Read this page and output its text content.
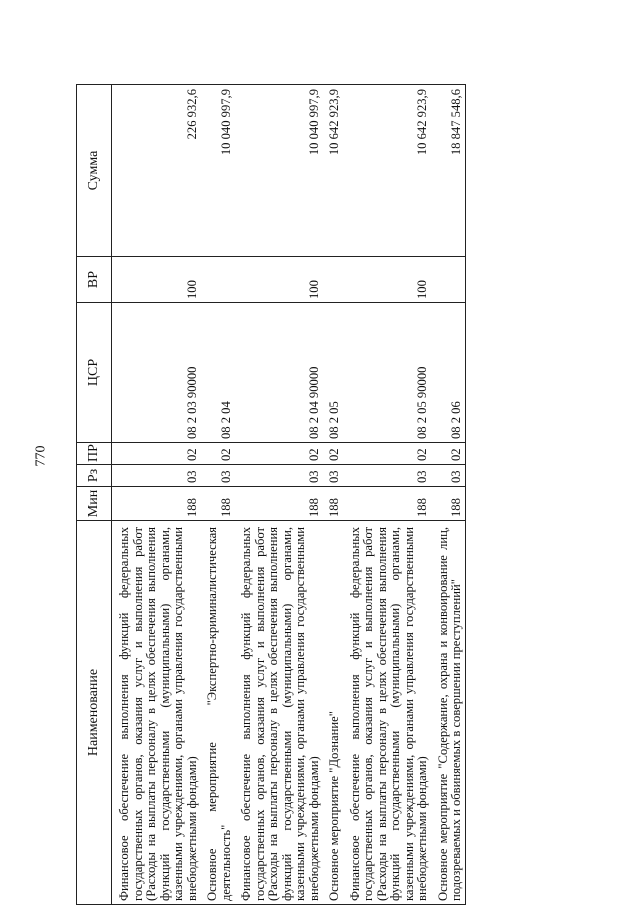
770
Наименование	Мин	Рз	ПР	ЦСР	ВР	Сумма
Финансовое обеспечение выполнения функций федеральных государственных органов, оказания услуг и выполнения работ (Расходы на выплаты персоналу в целях обеспечения выполнения функций государственными (муниципальными) органами, казенными учреждениями, органами управления государственными внебюджетными фондами)	188	03	02	08 2 03 90000	100	226 932,6
Основное мероприятие "Экспертно-криминалистическая деятельность"	188	03	02	08 2 04		10 040 997,9
Финансовое обеспечение выполнения функций федеральных государственных органов, оказания услуг и выполнения работ (Расходы на выплаты персоналу в целях обеспечения выполнения функций государственными (муниципальными) органами, казенными учреждениями, органами управления государственными внебюджетными фондами)	188	03	02	08 2 04 90000	100	10 040 997,9
Основное мероприятие "Дознание"	188	03	02	08 2 05		10 642 923,9
Финансовое обеспечение выполнения функций федеральных государственных органов, оказания услуг и выполнения работ (Расходы на выплаты персоналу в целях обеспечения выполнения функций государственными (муниципальными) органами, казенными учреждениями, органами управления государственными внебюджетными фондами)	188	03	02	08 2 05 90000	100	10 642 923,9
Основное мероприятие "Содержание, охрана и конвоирование лиц, подозреваемых и обвиняемых в совершении преступлений"	188	03	02	08 2 06		18 847 548,6
